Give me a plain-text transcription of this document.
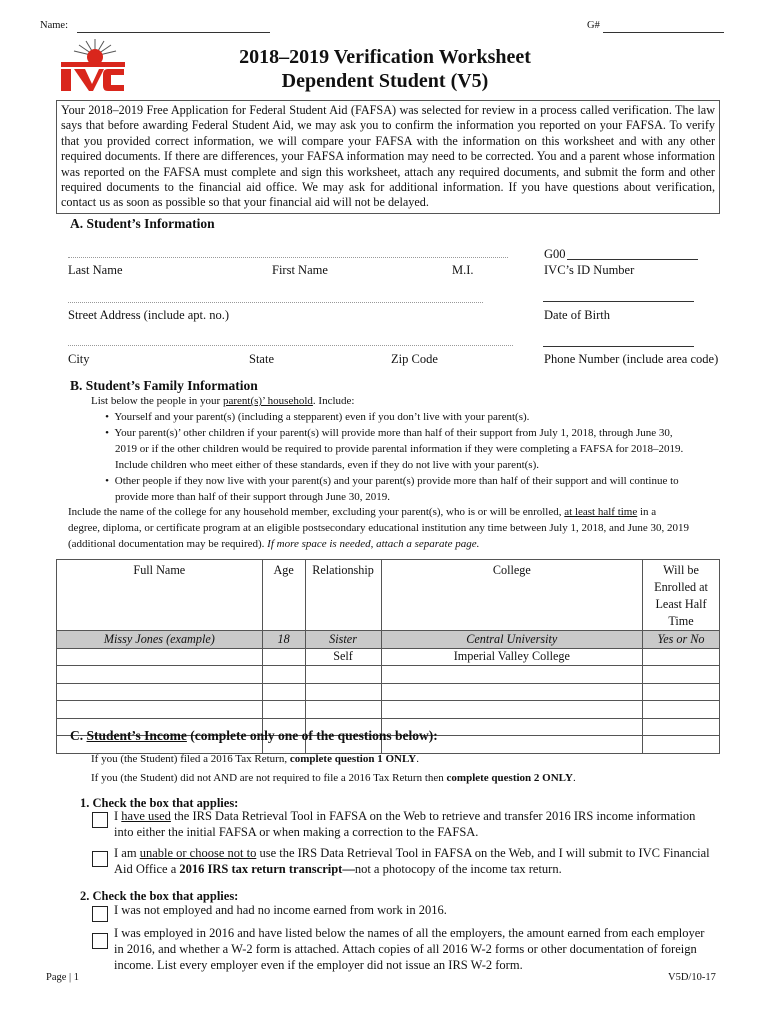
Name:	G#
2018–2019 Verification Worksheet
Dependent Student (V5)
Your 2018–2019 Free Application for Federal Student Aid (FAFSA) was selected for review in a process called verification. The law says that before awarding Federal Student Aid, we may ask you to confirm the information you reported on your FAFSA. To verify that you provided correct information, we will compare your FAFSA with the information on this worksheet and with any other required documents. If there are differences, your FAFSA information may need to be corrected. You and a parent whose information was reported on the FAFSA must complete and sign this worksheet, attach any required documents, and submit the form and other required documents to the financial aid office. We may ask for additional information. If you have questions about verification, contact us as soon as possible so that your financial aid will not be delayed.
A. Student’s Information
G00
Last Name	First Name	M.I.	IVC’s ID Number
Street Address (include apt. no.)	Date of Birth
City	State	Zip Code	Phone Number (include area code)
B. Student’s Family Information
List below the people in your parent(s)’ household. Include:
• Yourself and your parent(s) (including a stepparent) even if you don’t live with your parent(s).
• Your parent(s)’ other children if your parent(s) will provide more than half of their support from July 1, 2018, through June 30,
2019 or if the other children would be required to provide parental information if they were completing a FAFSA for 2018–2019.
Include children who meet either of these standards, even if they do not live with your parent(s).
• Other people if they now live with your parent(s) and your parent(s) provide more than half of their support and will continue to
provide more than half of their support through June 30, 2019.
Include the name of the college for any household member, excluding your parent(s), who is or will be enrolled, at least half time in a
degree, diploma, or certificate program at an eligible postsecondary educational institution any time between July 1, 2018, and June 30, 2019
(additional documentation may be required). If more space is needed, attach a separate page.
Full Name	Age	Relationship	College	Will be Enrolled at
Least Half Time
Missy Jones (example)	18	Sister	Central University	Yes or No
		Self	Imperial Valley College	

C. Student’s Income (complete only one of the questions below):
If you (the Student) filed a 2016 Tax Return, complete question 1 ONLY.
If you (the Student) did not AND are not required to file a 2016 Tax Return then complete question 2 ONLY.
1. Check the box that applies:
I have used the IRS Data Retrieval Tool in FAFSA on the Web to retrieve and transfer 2016 IRS income information
into either the initial FAFSA or when making a correction to the FAFSA.
I am unable or choose not to use the IRS Data Retrieval Tool in FAFSA on the Web, and I will submit to IVC Financial
Aid Office a 2016 IRS tax return transcript—not a photocopy of the income tax return.
2. Check the box that applies:
I was not employed and had no income earned from work in 2016.
I was employed in 2016 and have listed below the names of all the employers, the amount earned from each employer
in 2016, and whether a W-2 form is attached. Attach copies of all 2016 W-2 forms or other documentation of foreign
income. List every employer even if the employer did not issue an IRS W-2 form.
Page | 1	V5D/10-17
